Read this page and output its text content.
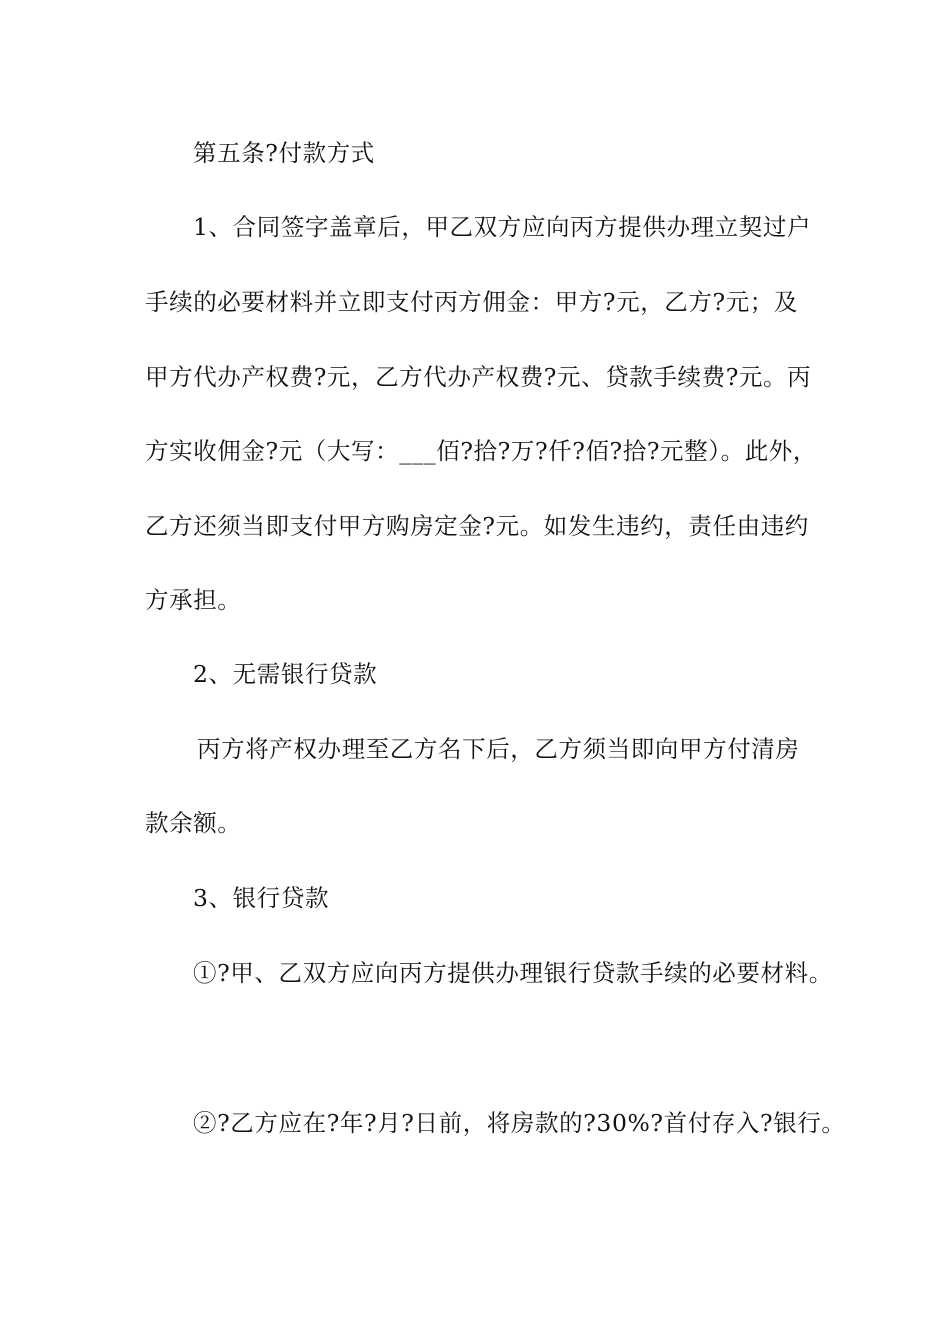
第五条?付款方式
1、合同签字盖章后，甲乙双方应向丙方提供办理立契过户
手续的必要材料并立即支付丙方佣金：甲方?元，乙方?元；及
甲方代办产权费?元，乙方代办产权费?元、贷款手续费?元。丙
方实收佣金?元（大写：___佰?拾?万?仟?佰?拾?元整）。此外，
乙方还须当即支付甲方购房定金?元。如发生违约，责任由违约
方承担。
2、无需银行贷款
丙方将产权办理至乙方名下后，乙方须当即向甲方付清房
款余额。
3、银行贷款
①?甲、乙双方应向丙方提供办理银行贷款手续的必要材料。
②?乙方应在?年?月?日前，将房款的?30%?首付存入?银行。
